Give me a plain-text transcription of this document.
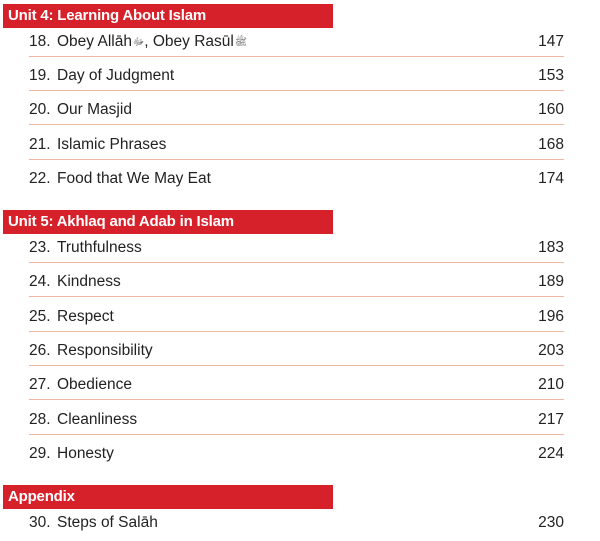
Unit 4: Learning About Islam
18. Obey Allāhﷻ, Obey Rasūlﷺ	147
19. Day of Judgment	153
20. Our Masjid	160
21. Islamic Phrases	168
22. Food that We May Eat	174
Unit 5: Akhlaq and Adab in Islam
23. Truthfulness	183
24. Kindness	189
25. Respect	196
26. Responsibility	203
27. Obedience	210
28. Cleanliness	217
29. Honesty	224
Appendix
30. Steps of Salāh	230
